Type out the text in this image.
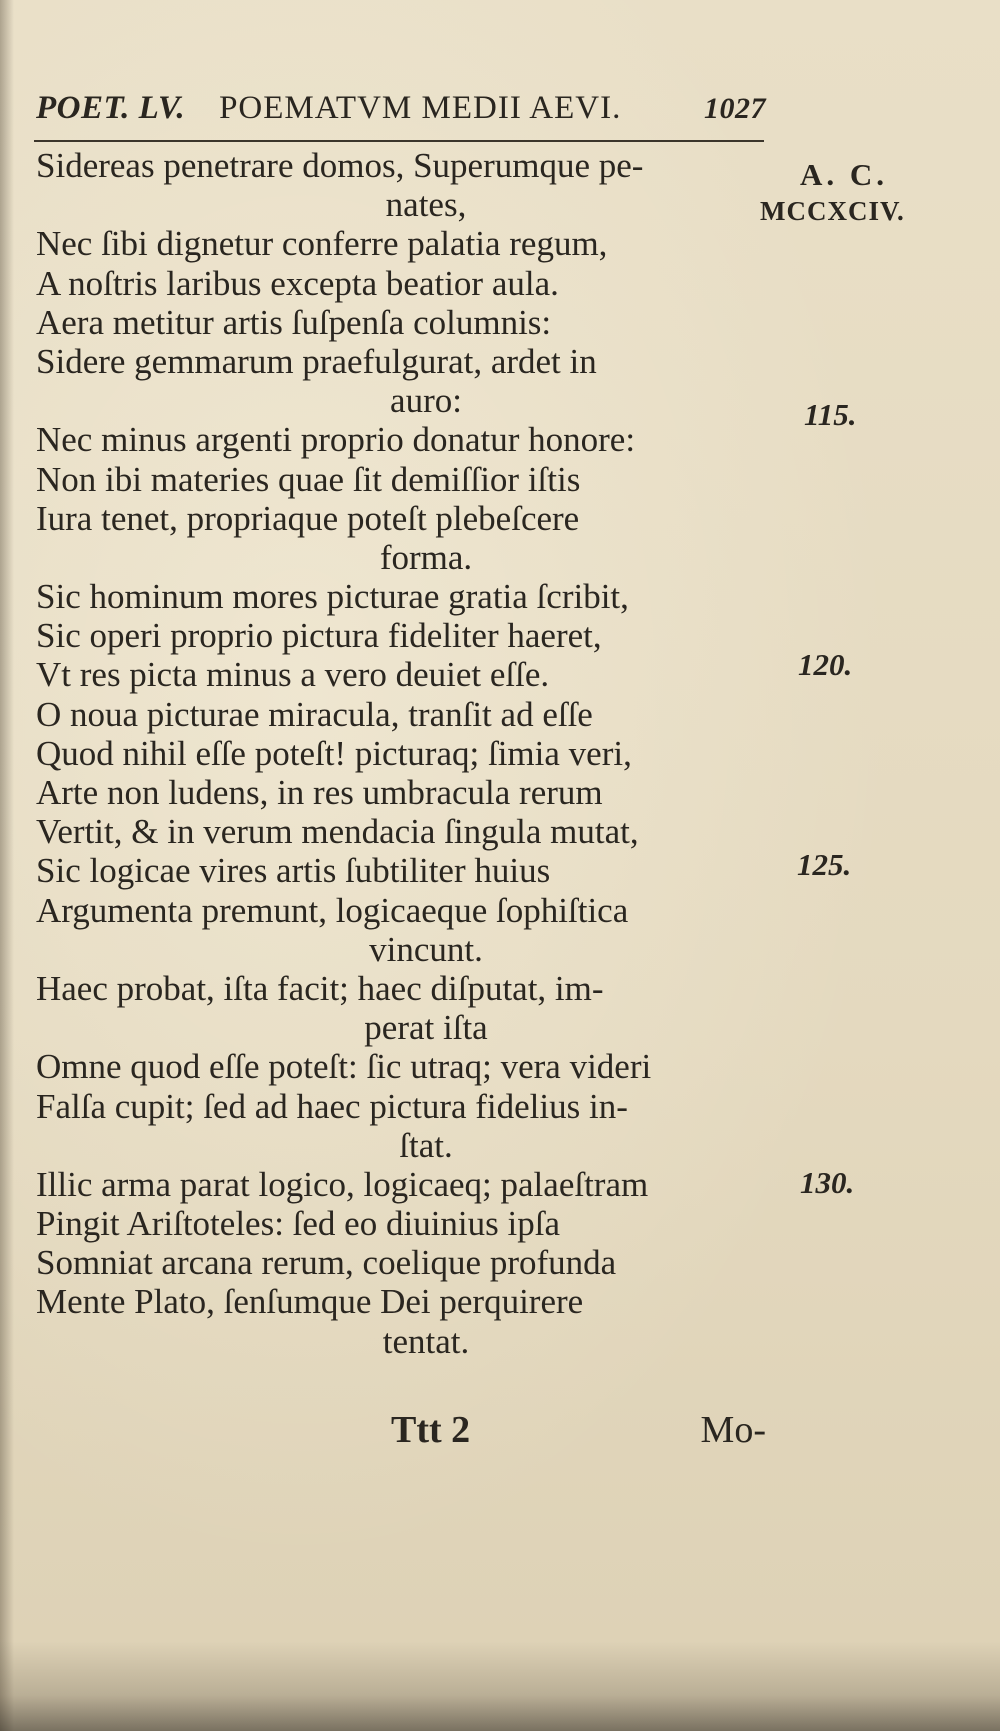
POET. LV. POEMATVM MEDII AEVI.	1027
Sidereas penetrare domos, Superumque pe-
nates,
Nec ſibi dignetur conferre palatia regum,
A noſtris laribus excepta beatior aula.
Aera metitur artis ſuſpenſa columnis:
Sidere gemmarum praefulgurat, ardet in
auro:
Nec minus argenti proprio donatur honore:
Non ibi materies quae ſit demiſſior iſtis
Iura tenet, propriaque poteſt plebeſcere
forma.
Sic hominum mores picturae gratia ſcribit,
Sic operi proprio pictura fideliter haeret,
Vt res picta minus a vero deuiet eſſe.
O noua picturae miracula, tranſit ad eſſe
Quod nihil eſſe poteſt! picturaq; ſimia veri,
Arte non ludens, in res umbracula rerum
Vertit, & in verum mendacia ſingula mutat,
Sic logicae vires artis ſubtiliter huius
Argumenta premunt, logicaeque ſophiſtica
vincunt.
Haec probat, iſta facit; haec diſputat, im-
perat iſta
Omne quod eſſe poteſt: ſic utraq; vera videri
Falſa cupit; ſed ad haec pictura fidelius in-
ſtat.
Illic arma parat logico, logicaeq; palaeſtram
Pingit Ariſtoteles: ſed eo diuinius ipſa
Somniat arcana rerum, coelique profunda
Mente Plato, ſenſumque Dei perquirere
tentat.
A. C.
MCCXCIV.
115.
120.
125.
130.
Ttt 2	Mo-
